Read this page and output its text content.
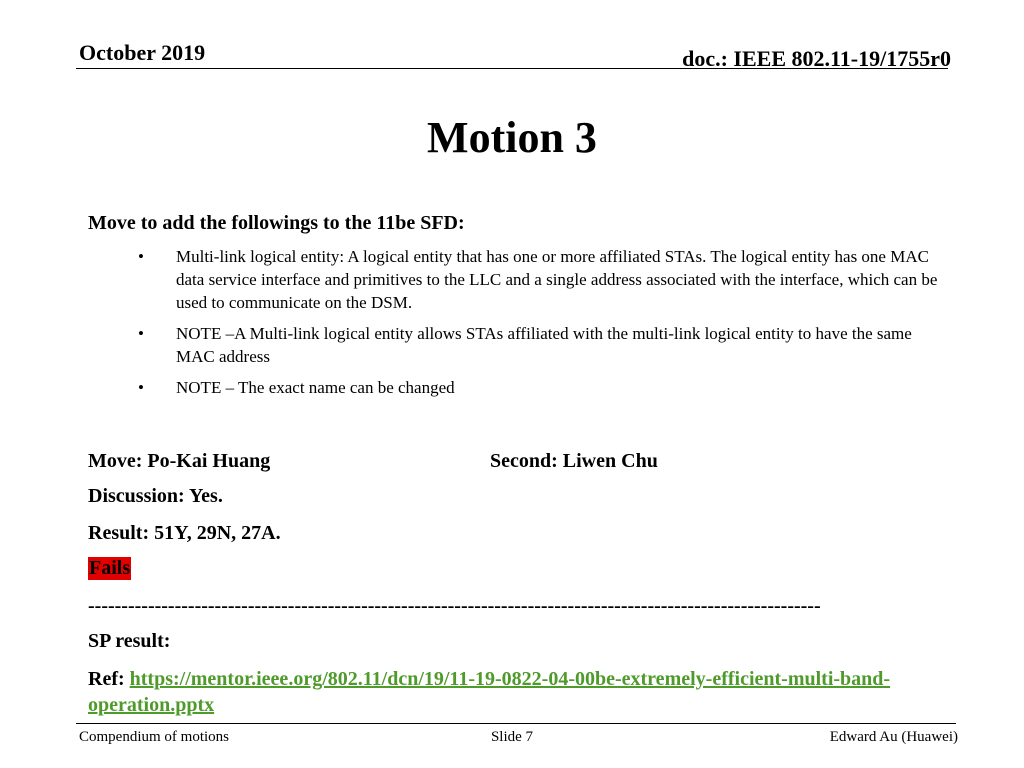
October 2019	doc.: IEEE 802.11-19/1755r0
Motion 3
Move to add the followings to the 11be SFD:
•	Multi-link logical entity: A logical entity that has one or more affiliated STAs. The logical entity has one MAC data service interface and primitives to the LLC and a single address associated with the interface, which can be used to communicate on the DSM.
•	NOTE –A Multi-link logical entity allows STAs affiliated with the multi-link logical entity to have the same MAC address
•	NOTE – The exact name can be changed
Move: Po-Kai Huang	Second: Liwen Chu
Discussion: Yes.
Result: 51Y, 29N, 27A.
Fails
--------------------------------------------------------------------------------------------------------------
SP result:
Ref: https://mentor.ieee.org/802.11/dcn/19/11-19-0822-04-00be-extremely-efficient-multi-band-operation.pptx
Compendium of motions	Slide 7	Edward Au (Huawei)
